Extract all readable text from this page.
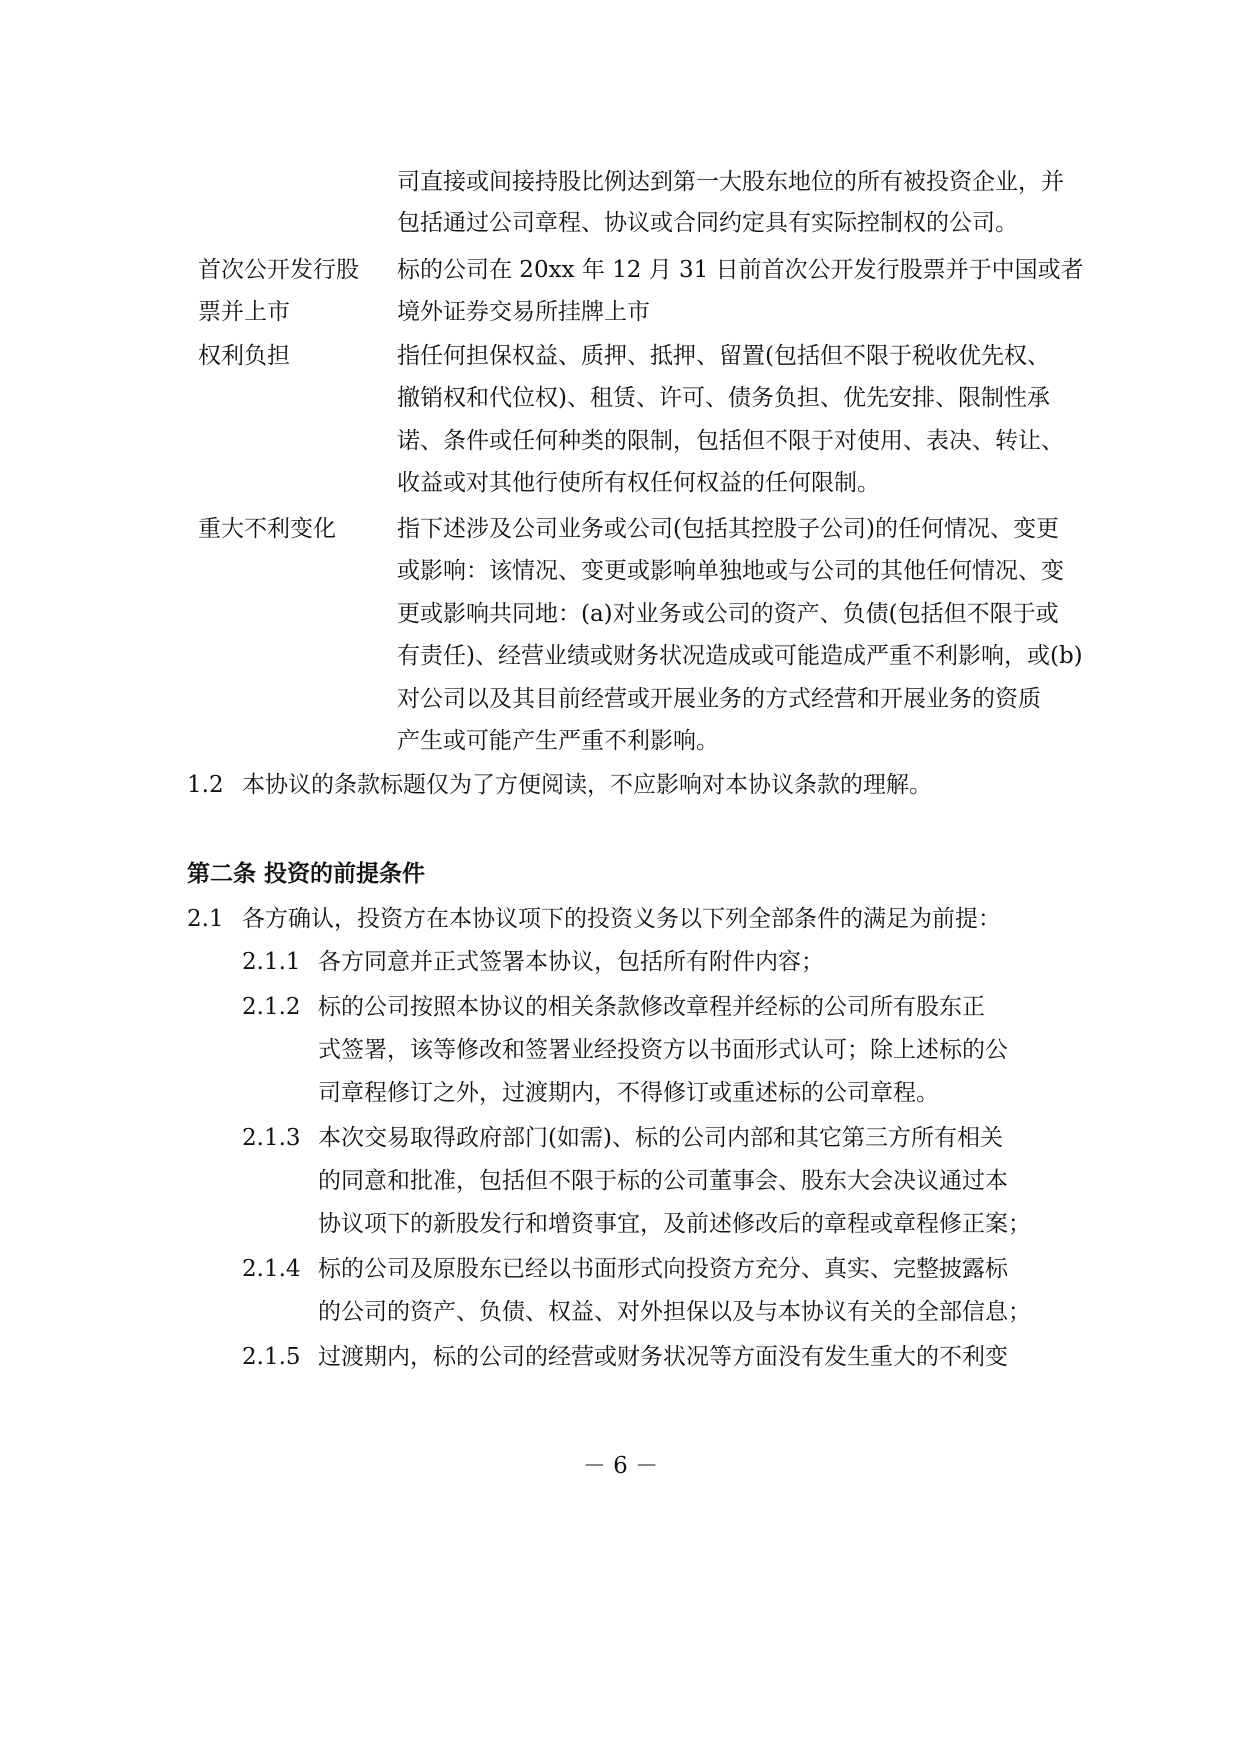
司直接或间接持股比例达到第一大股东地位的所有被投资企业，并
包括通过公司章程、协议或合同约定具有实际控制权的公司。
首次公开发行股
票并上市
标的公司在 20xx 年 12 月 31 日前首次公开发行股票并于中国或者
境外证券交易所挂牌上市
权利负担	指任何担保权益、质押、抵押、留置(包括但不限于税收优先权、
撤销权和代位权)、租赁、许可、债务负担、优先安排、限制性承
诺、条件或任何种类的限制，包括但不限于对使用、表决、转让、
收益或对其他行使所有权任何权益的任何限制。
重大不利变化	指下述涉及公司业务或公司(包括其控股子公司)的任何情况、变更
或影响：该情况、变更或影响单独地或与公司的其他任何情况、变
更或影响共同地：(a)对业务或公司的资产、负债(包括但不限于或
有责任)、经营业绩或财务状况造成或可能造成严重不利影响，或(b)
对公司以及其目前经营或开展业务的方式经营和开展业务的资质
产生或可能产生严重不利影响。
1.2 本协议的条款标题仅为了方便阅读，不应影响对本协议条款的理解。
第二条 投资的前提条件
2.1 各方确认，投资方在本协议项下的投资义务以下列全部条件的满足为前提：
2.1.1 各方同意并正式签署本协议，包括所有附件内容；
2.1.2 标的公司按照本协议的相关条款修改章程并经标的公司所有股东正
式签署，该等修改和签署业经投资方以书面形式认可；除上述标的公
司章程修订之外，过渡期内，不得修订或重述标的公司章程。
2.1.3 本次交易取得政府部门(如需)、标的公司内部和其它第三方所有相关
的同意和批准，包括但不限于标的公司董事会、股东大会决议通过本
协议项下的新股发行和增资事宜，及前述修改后的章程或章程修正案；
2.1.4 标的公司及原股东已经以书面形式向投资方充分、真实、完整披露标
的公司的资产、负债、权益、对外担保以及与本协议有关的全部信息；
2.1.5 过渡期内，标的公司的经营或财务状况等方面没有发生重大的不利变
－ 6 －
